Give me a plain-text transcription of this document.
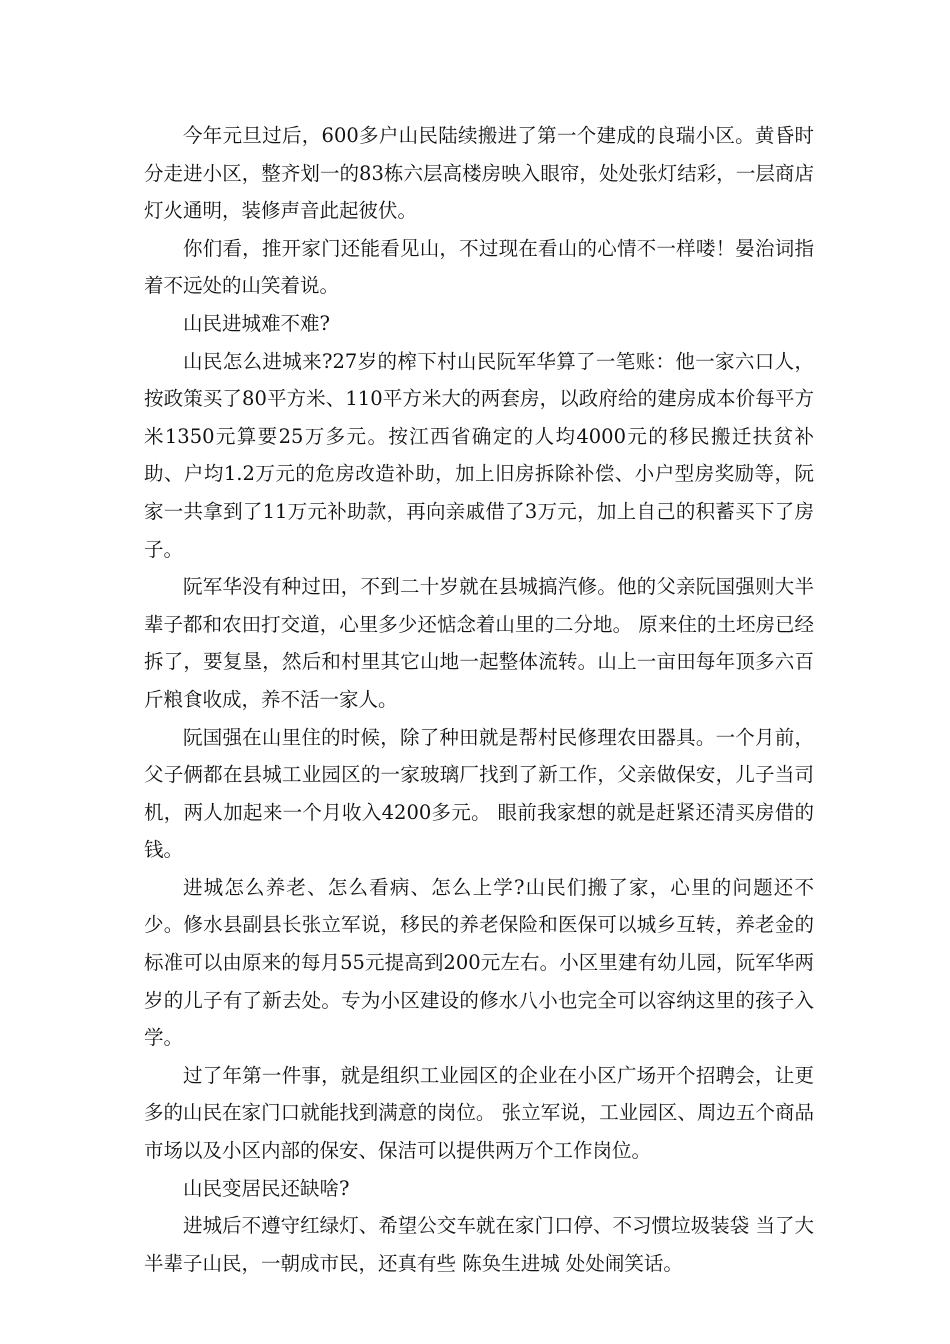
今年元旦过后，600多户山民陆续搬进了第一个建成的良瑞小区。黄昏时分走进小区，整齐划一的83栋六层高楼房映入眼帘，处处张灯结彩，一层商店灯火通明，装修声音此起彼伏。

你们看，推开家门还能看见山，不过现在看山的心情不一样喽！晏治词指着不远处的山笑着说。

山民进城难不难?

山民怎么进城来?27岁的榨下村山民阮军华算了一笔账：他一家六口人，按政策买了80平方米、110平方米大的两套房，以政府给的建房成本价每平方米1350元算要25万多元。按江西省确定的人均4000元的移民搬迁扶贫补助、户均1.2万元的危房改造补助，加上旧房拆除补偿、小户型房奖励等，阮家一共拿到了11万元补助款，再向亲戚借了3万元，加上自己的积蓄买下了房子。

阮军华没有种过田，不到二十岁就在县城搞汽修。他的父亲阮国强则大半辈子都和农田打交道，心里多少还惦念着山里的二分地。 原来住的土坯房已经拆了，要复垦，然后和村里其它山地一起整体流转。山上一亩田每年顶多六百斤粮食收成，养不活一家人。

阮国强在山里住的时候，除了种田就是帮村民修理农田器具。一个月前，父子俩都在县城工业园区的一家玻璃厂找到了新工作，父亲做保安，儿子当司机，两人加起来一个月收入4200多元。 眼前我家想的就是赶紧还清买房借的钱。

进城怎么养老、怎么看病、怎么上学?山民们搬了家，心里的问题还不少。修水县副县长张立军说，移民的养老保险和医保可以城乡互转，养老金的标准可以由原来的每月55元提高到200元左右。小区里建有幼儿园，阮军华两岁的儿子有了新去处。专为小区建设的修水八小也完全可以容纳这里的孩子入学。

过了年第一件事，就是组织工业园区的企业在小区广场开个招聘会，让更多的山民在家门口就能找到满意的岗位。 张立军说，工业园区、周边五个商品市场以及小区内部的保安、保洁可以提供两万个工作岗位。

山民变居民还缺啥?

进城后不遵守红绿灯、希望公交车就在家门口停、不习惯垃圾装袋 当了大半辈子山民，一朝成市民，还真有些 陈奂生进城 处处闹笑话。
